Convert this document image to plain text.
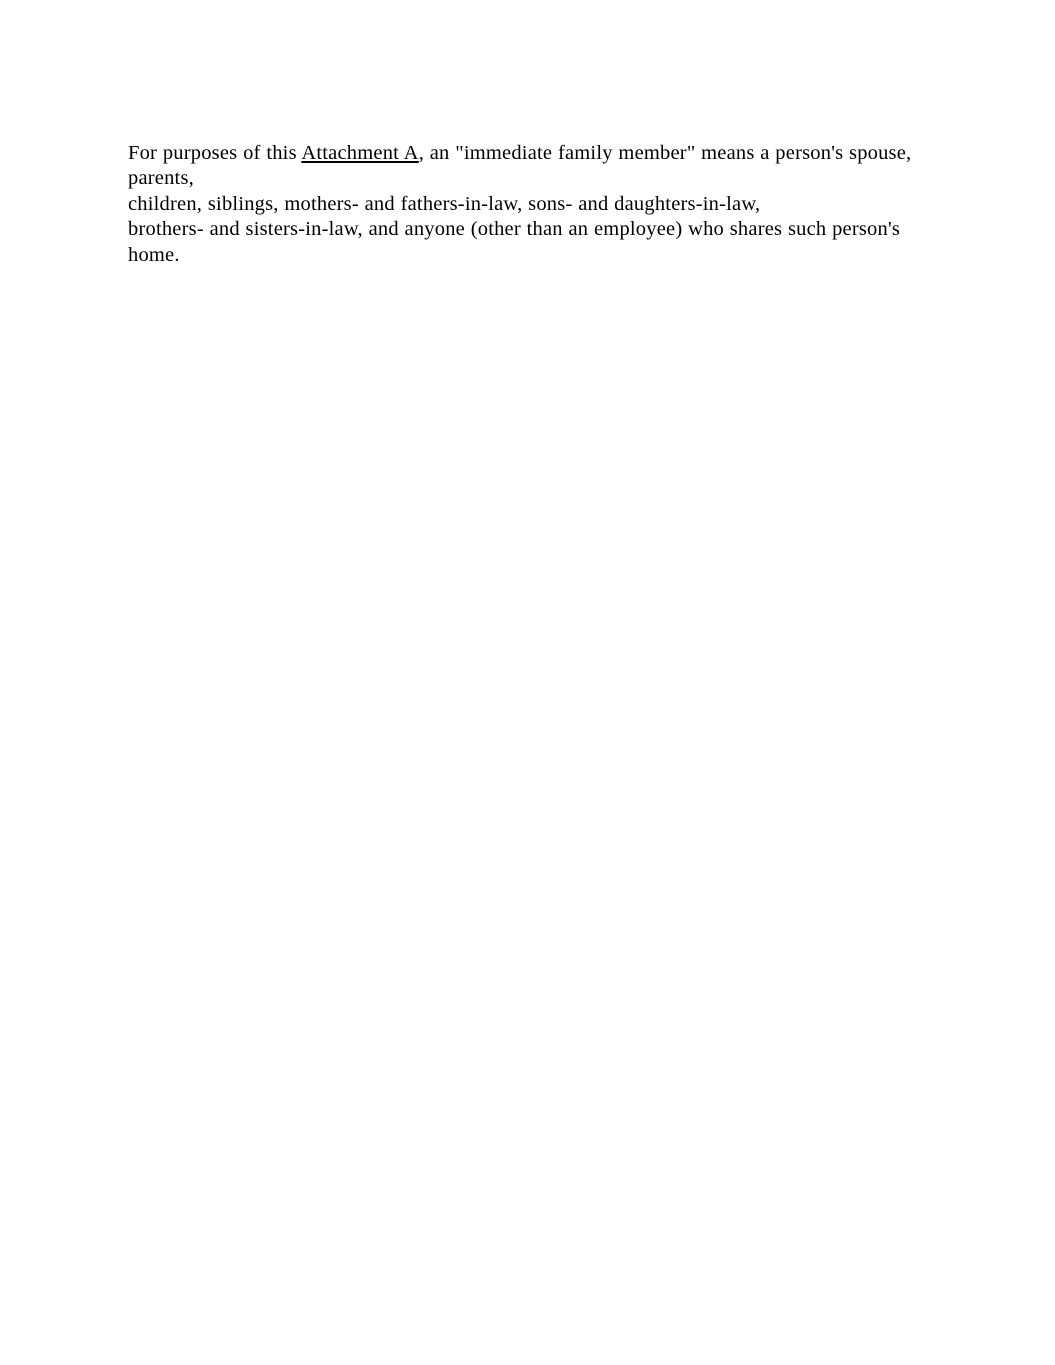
For purposes of this Attachment A, an "immediate family member" means a person's spouse, parents,
children, siblings, mothers- and fathers-in-law, sons- and daughters-in-law,
brothers- and sisters-in-law, and anyone (other than an employee) who shares such person's home.
